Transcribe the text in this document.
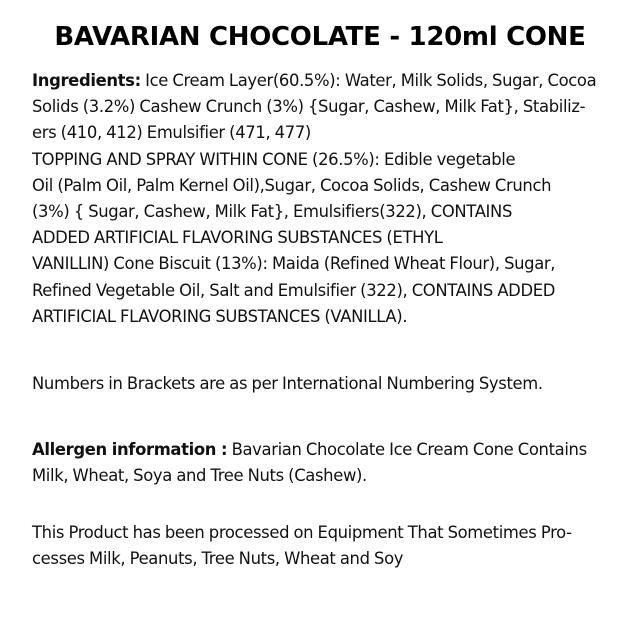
BAVARIAN CHOCOLATE - 120ml CONE
Ingredients: Ice Cream Layer(60.5%): Water, Milk Solids, Sugar, Cocoa
Solids (3.2%) Cashew Crunch (3%) {Sugar, Cashew, Milk Fat}, Stabiliz-
ers (410, 412) Emulsifier (471, 477)
TOPPING AND SPRAY WITHIN CONE (26.5%): Edible vegetable
Oil (Palm Oil, Palm Kernel Oil),Sugar, Cocoa Solids, Cashew Crunch
(3%) { Sugar, Cashew, Milk Fat}, Emulsifiers(322), CONTAINS
ADDED ARTIFICIAL FLAVORING SUBSTANCES (ETHYL
VANILLIN) Cone Biscuit (13%): Maida (Refined Wheat Flour), Sugar,
Refined Vegetable Oil, Salt and Emulsifier (322), CONTAINS ADDED
ARTIFICIAL FLAVORING SUBSTANCES (VANILLA).
Numbers in Brackets are as per International Numbering System.
Allergen information : Bavarian Chocolate Ice Cream Cone Contains
Milk, Wheat, Soya and Tree Nuts (Cashew).
This Product has been processed on Equipment That Sometimes Pro-
cesses Milk, Peanuts, Tree Nuts, Wheat and Soy
